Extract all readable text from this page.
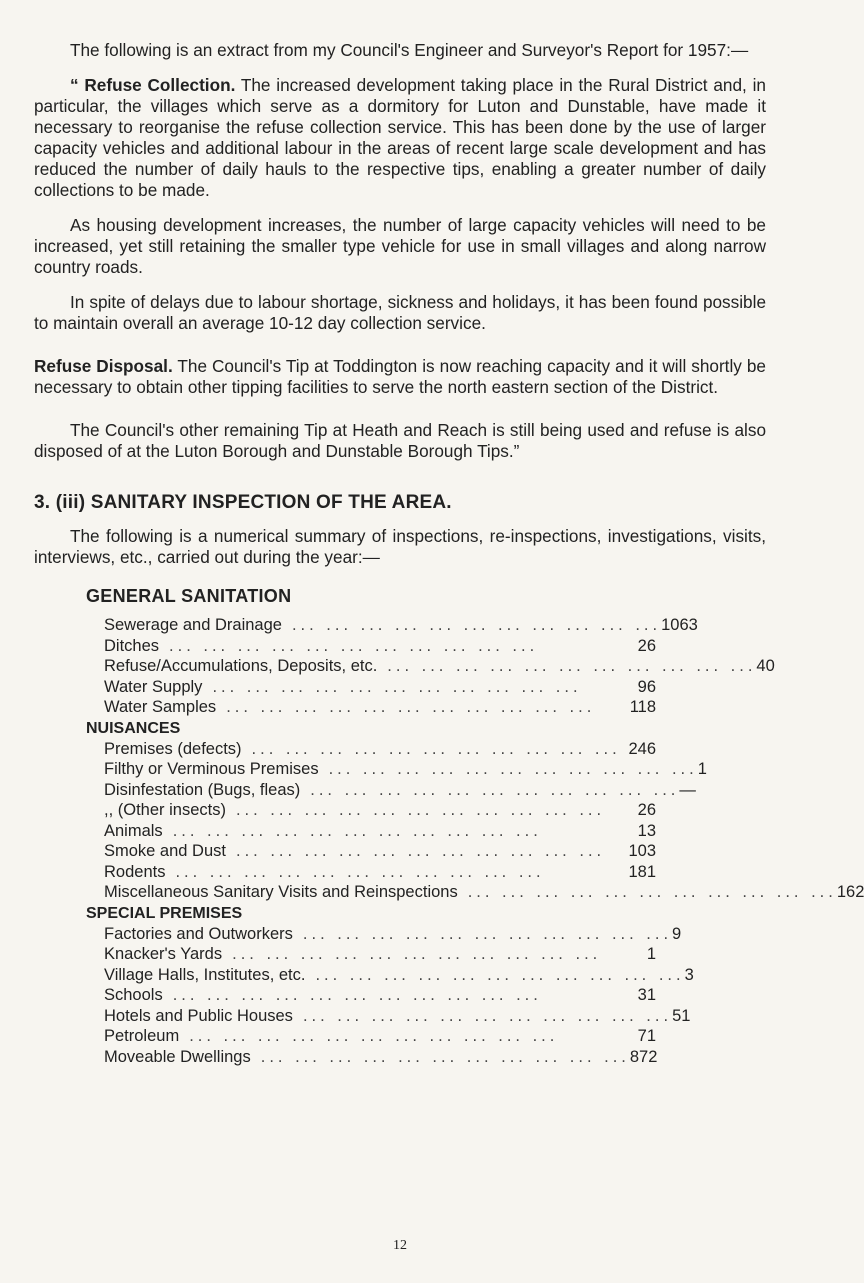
The following is an extract from my Council's Engineer and Surveyor's Report for 1957:—

“ Refuse Collection. The increased development taking place in the Rural District and, in particular, the villages which serve as a dormitory for Luton and Dunstable, have made it necessary to reorganise the refuse collection service. This has been done by the use of larger capacity vehicles and additional labour in the areas of recent large scale development and has reduced the number of daily hauls to the respective tips, enabling a greater number of daily collections to be made.

As housing development increases, the number of large capacity vehicles will need to be increased, yet still retaining the smaller type vehicle for use in small villages and along narrow country roads.

In spite of delays due to labour shortage, sickness and holidays, it has been found possible to maintain overall an average 10-12 day collection service.

Refuse Disposal. The Council's Tip at Toddington is now reaching capacity and it will shortly be necessary to obtain other tipping facilities to serve the north eastern section of the District.

The Council's other remaining Tip at Heath and Reach is still being used and refuse is also disposed of at the Luton Borough and Dunstable Borough Tips.”

3. (iii) SANITARY INSPECTION OF THE AREA.

The following is a numerical summary of inspections, re-inspections, investigations, visits, interviews, etc., carried out during the year:—

GENERAL SANITATION
Sewerage and Drainage ... ... ... ... ... ... ... ... ... ... ... 1063
Ditches ... ... ... ... ... ... ... ... ... ... ...	26
Refuse/Accumulations, Deposits, etc. ... ... ... ... ... ... ... ... ... ... ... 40
Water Supply ... ... ... ... ... ... ... ... ... ... ...	96
Water Samples ... ... ... ... ... ... ... ... ... ... ...	118
NUISANCES
Premises (defects) ... ... ... ... ... ... ... ... ... ... ... 246
Filthy or Verminous Premises ... ... ... ... ... ... ... ... ... ... ... 1
Disinfestation (Bugs, fleas) ... ... ... ... ... ... ... ... ... ... ... —
,, (Other insects) ... ... ... ... ... ... ... ... ... ... ...	26
Animals ... ... ... ... ... ... ... ... ... ... ...	13
Smoke and Dust ... ... ... ... ... ... ... ... ... ... ...	103
Rodents ... ... ... ... ... ... ... ... ... ... ...	181
Miscellaneous Sanitary Visits and Reinspections ... ... ... ... ... ... ... ... ... ... ... 162
SPECIAL PREMISES
Factories and Outworkers ... ... ... ... ... ... ... ... ... ... ... 9
Knacker's Yards ... ... ... ... ... ... ... ... ... ... ...	1
Village Halls, Institutes, etc. ... ... ... ... ... ... ... ... ... ... ... 3
Schools ... ... ... ... ... ... ... ... ... ... ...	31
Hotels and Public Houses ... ... ... ... ... ... ... ... ... ... ... 51
Petroleum ... ... ... ... ... ... ... ... ... ... ...	71
Moveable Dwellings ... ... ... ... ... ... ... ... ... ... ... 872
12
